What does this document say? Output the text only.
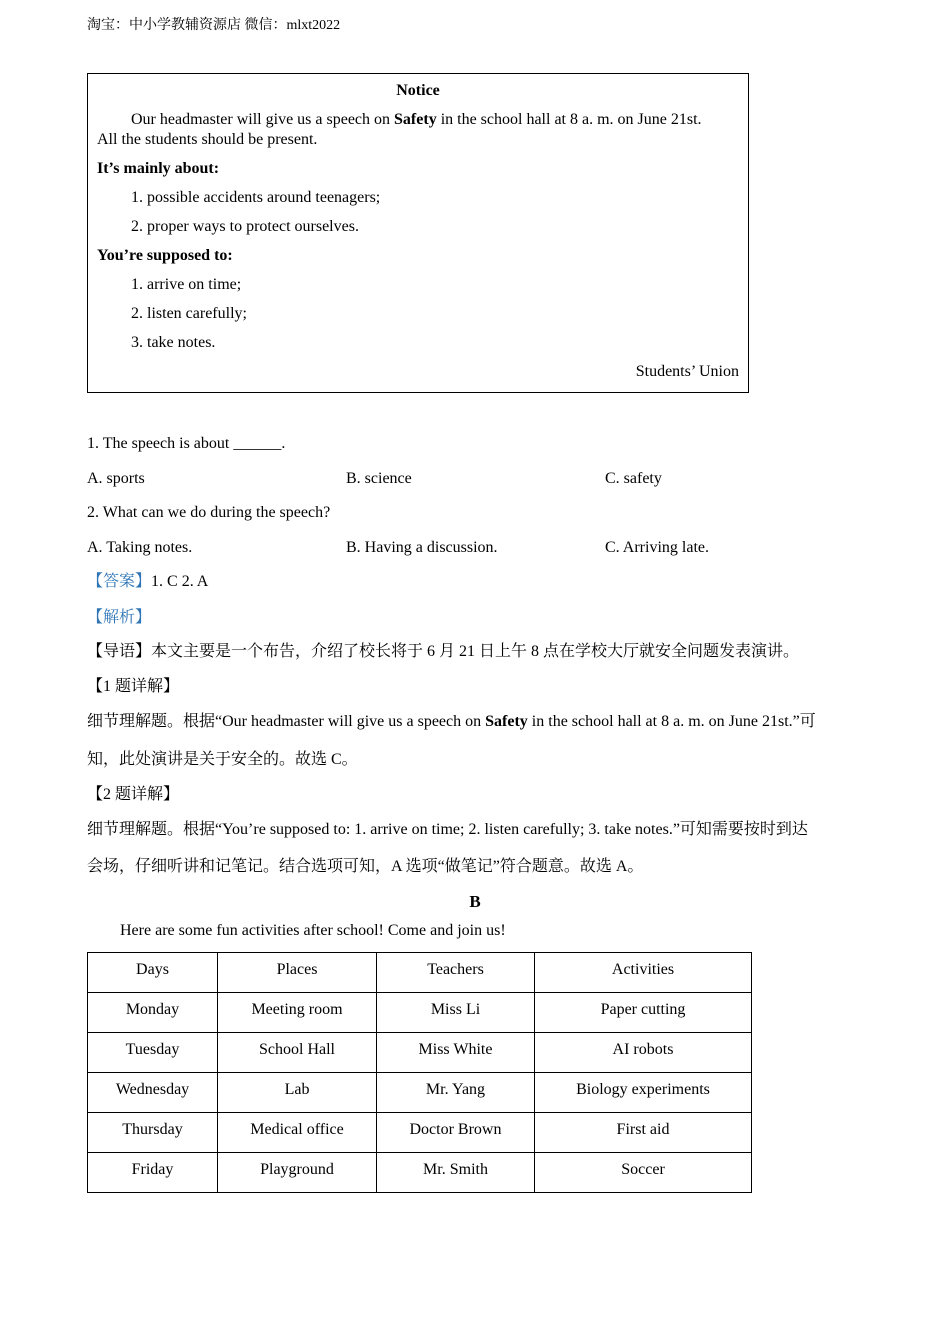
淘宝：中小学教辅资源店 微信：mlxt2022
Notice
Our headmaster will give us a speech on Safety in the school hall at 8 a. m. on June 21st.
All the students should be present.
It’s mainly about:
1. possible accidents around teenagers;
2. proper ways to protect ourselves.
You’re supposed to:
1. arrive on time;
2. listen carefully;
3. take notes.
Students’ Union
1. The speech is about ______.
A. sports	B. science	C. safety
2. What can we do during the speech?
A. Taking notes.	B. Having a discussion.	C. Arriving late.
【答案】1. C 2. A
【解析】
【导语】本文主要是一个布告，介绍了校长将于 6 月 21 日上午 8 点在学校大厅就安全问题发表演讲。
【1 题详解】
细节理解题。根据“Our headmaster will give us a speech on Safety in the school hall at 8 a. m. on June 21st.”可
知，此处演讲是关于安全的。故选 C。
【2 题详解】
细节理解题。根据“You’re supposed to: 1. arrive on time; 2. listen carefully; 3. take notes.”可知需要按时到达
会场，仔细听讲和记笔记。结合选项可知，A 选项“做笔记”符合题意。故选 A。
B
Here are some fun activities after school! Come and join us!
Days	Places	Teachers	Activities
Monday	Meeting room	Miss Li	Paper cutting
Tuesday	School Hall	Miss White	AI robots
Wednesday	Lab	Mr. Yang	Biology experiments
Thursday	Medical office	Doctor Brown	First aid
Friday	Playground	Mr. Smith	Soccer
